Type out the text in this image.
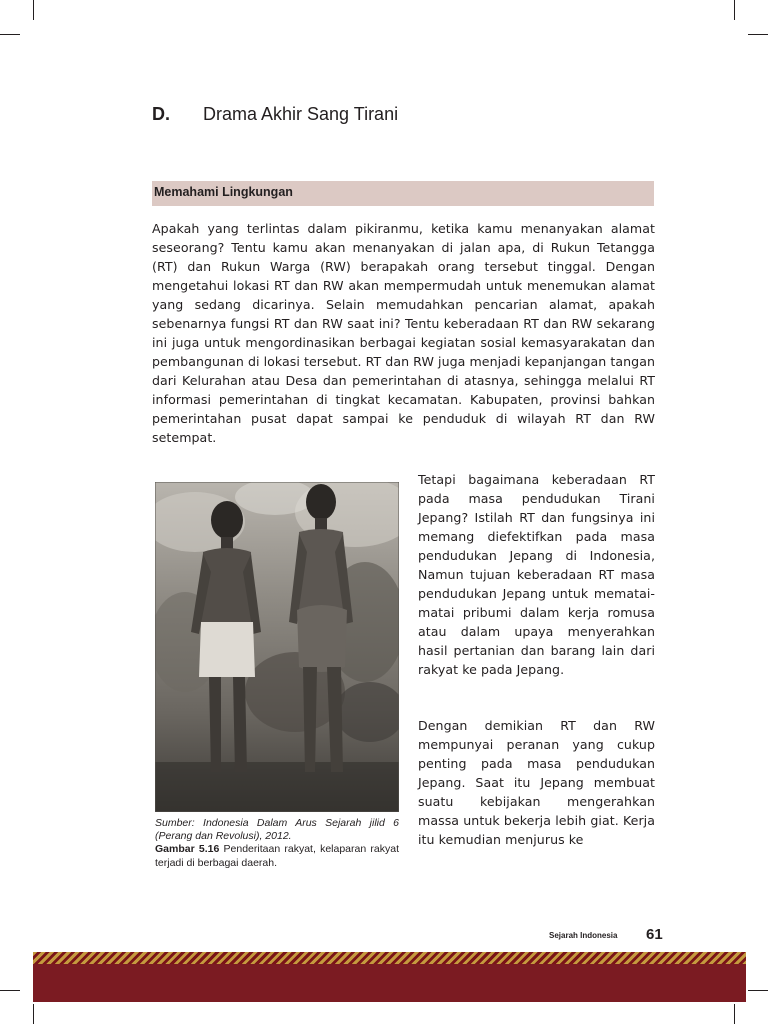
D. Drama Akhir Sang Tirani
Memahami Lingkungan

Apakah yang terlintas dalam pikiranmu, ketika kamu menanyakan alamat seseorang? Tentu kamu akan menanyakan di jalan apa, di Rukun Tetangga (RT) dan Rukun Warga (RW) berapakah orang tersebut tinggal. Dengan mengetahui lokasi RT dan RW akan mempermudah untuk menemukan alamat yang sedang dicarinya. Selain memudahkan pencarian alamat, apakah sebenarnya fungsi RT dan RW saat ini? Tentu keberadaan RT dan RW sekarang ini juga untuk mengordinasikan berbagai kegiatan sosial kemasyarakatan dan pembangunan di lokasi tersebut. RT dan RW juga menjadi kepanjangan tangan dari Kelurahan atau Desa dan pemerintahan di atasnya, sehingga melalui RT informasi pemerintahan di tingkat kecamatan. Kabupaten, provinsi bahkan pemerintahan pusat dapat sampai ke penduduk di wilayah RT dan RW setempat.

Sumber: Indonesia Dalam Arus Sejarah jilid 6 (Perang dan Revolusi), 2012.
Gambar 5.16 Penderitaan rakyat, kelaparan rakyat terjadi di berbagai daerah.

Tetapi bagaimana keberadaan RT pada masa pendudukan Tirani Jepang? Istilah RT dan fungsinya ini memang diefektifkan pada masa pendudukan Jepang di Indonesia, Namun tujuan keberadaan RT masa pendudukan Jepang untuk mematai-matai pribumi dalam kerja romusa atau dalam upaya menyerahkan hasil pertanian dan barang lain dari rakyat ke pada Jepang.

Dengan demikian RT dan RW mempunyai peranan yang cukup penting pada masa pendudukan Jepang. Saat itu Jepang membuat suatu kebijakan mengerahkan massa untuk bekerja lebih giat. Kerja itu kemudian menjurus ke

Sejarah Indonesia 61
